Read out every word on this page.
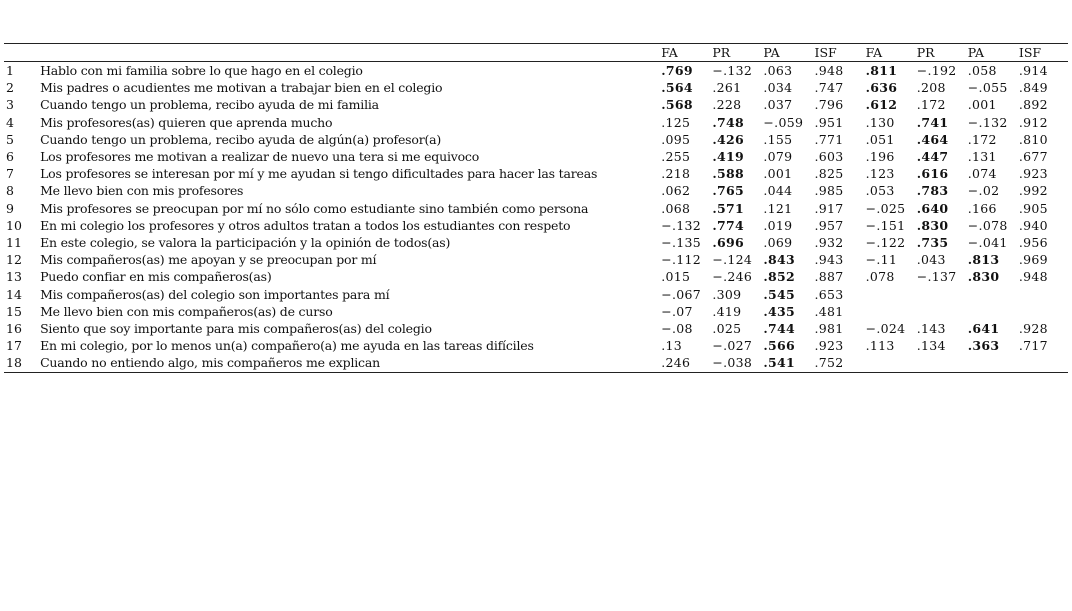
		FA	PR	PA	ISF	FA	PR	PA	ISF
1	Hablo con mi familia sobre lo que hago en el colegio	.769	−.132	.063	.948	.811	−.192	.058	.914
2	Mis padres o acudientes me motivan a trabajar bien en el colegio	.564	.261	.034	.747	.636	.208	−.055	.849
3	Cuando tengo un problema, recibo ayuda de mi familia	.568	.228	.037	.796	.612	.172	.001	.892
4	Mis profesores(as) quieren que aprenda mucho	.125	.748	−.059	.951	.130	.741	−.132	.912
5	Cuando tengo un problema, recibo ayuda de algún(a) profesor(a)	.095	.426	.155	.771	.051	.464	.172	.810
6	Los profesores me motivan a realizar de nuevo una tera si me equivoco	.255	.419	.079	.603	.196	.447	.131	.677
7	Los profesores se interesan por mí y me ayudan si tengo dificultades para hacer las tareas	.218	.588	.001	.825	.123	.616	.074	.923
8	Me llevo bien con mis profesores	.062	.765	.044	.985	.053	.783	−.02	.992
9	Mis profesores se preocupan por mí no sólo como estudiante sino también como persona	.068	.571	.121	.917	−.025	.640	.166	.905
10	En mi colegio los profesores y otros adultos tratan a todos los estudiantes con respeto	−.132	.774	.019	.957	−.151	.830	−.078	.940
11	En este colegio, se valora la participación y la opinión de todos(as)	−.135	.696	.069	.932	−.122	.735	−.041	.956
12	Mis compañeros(as) me apoyan y se preocupan por mí	−.112	−.124	.843	.943	−.11	.043	.813	.969
13	Puedo confiar en mis compañeros(as)	.015	−.246	.852	.887	.078	−.137	.830	.948
14	Mis compañeros(as) del colegio son importantes para mí	−.067	.309	.545	.653				
15	Me llevo bien con mis compañeros(as) de curso	−.07	.419	.435	.481				
16	Siento que soy importante para mis compañeros(as) del colegio	−.08	.025	.744	.981	−.024	.143	.641	.928
17	En mi colegio, por lo menos un(a) compañero(a) me ayuda en las tareas difíciles	.13	−.027	.566	.923	.113	.134	.363	.717
18	Cuando no entiendo algo, mis compañeros me explican	.246	−.038	.541	.752				
